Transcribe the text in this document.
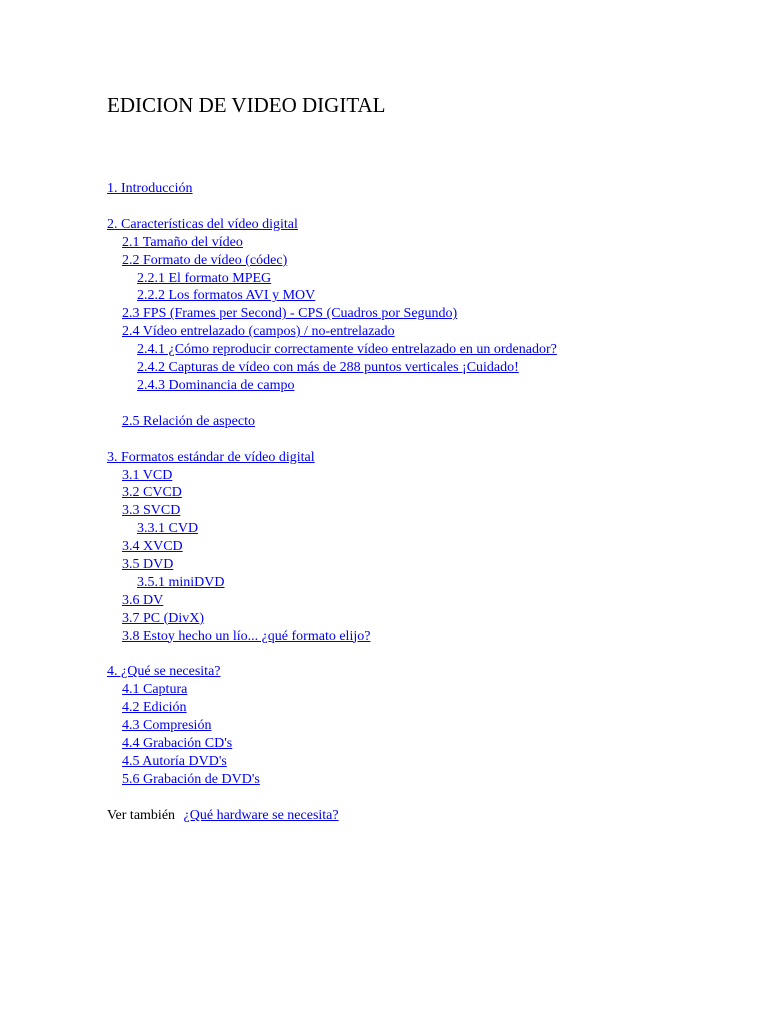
EDICION DE VIDEO DIGITAL
1. Introducción
2. Características del vídeo digital
2.1 Tamaño del vídeo
2.2 Formato de vídeo (códec)
2.2.1 El formato MPEG
2.2.2 Los formatos AVI y MOV
2.3 FPS (Frames per Second) - CPS (Cuadros por Segundo)
2.4 Vídeo entrelazado (campos) / no-entrelazado
2.4.1 ¿Cómo reproducir correctamente vídeo entrelazado en un ordenador?
2.4.2 Capturas de vídeo con más de 288 puntos verticales ¡Cuidado!
2.4.3 Dominancia de campo
2.5 Relación de aspecto
3. Formatos estándar de vídeo digital
3.1 VCD
3.2 CVCD
3.3 SVCD
3.3.1 CVD
3.4 XVCD
3.5 DVD
3.5.1 miniDVD
3.6 DV
3.7 PC (DivX)
3.8 Estoy hecho un lío... ¿qué formato elijo?
4. ¿Qué se necesita?
4.1 Captura
4.2 Edición
4.3 Compresión
4.4 Grabación CD's
4.5 Autoría DVD's
5.6 Grabación de DVD's
Ver también ¿Qué hardware se necesita?
